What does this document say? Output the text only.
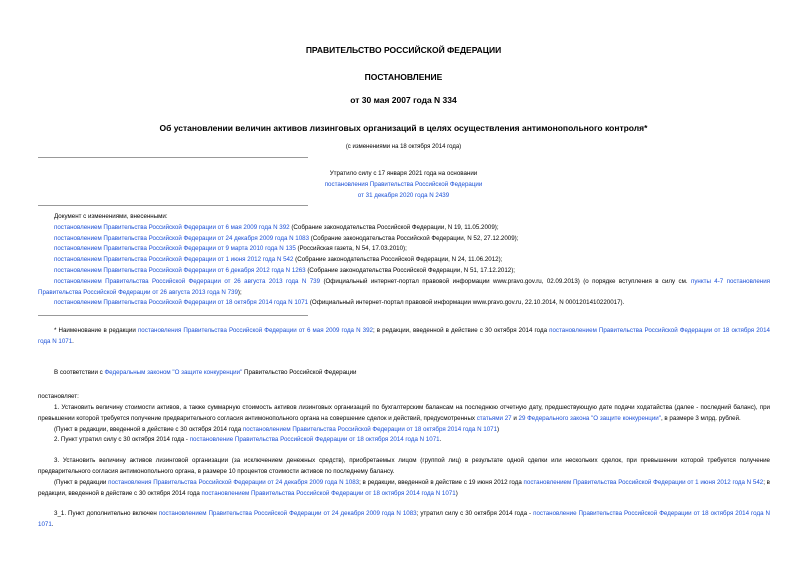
ПРАВИТЕЛЬСТВО РОССИЙСКОЙ ФЕДЕРАЦИИ
ПОСТАНОВЛЕНИЕ
от 30 мая 2007 года N 334
Об установлении величин активов лизинговых организаций в целях осуществления антимонопольного контроля*
(с изменениями на 18 октября 2014 года)
Утратило силу с 17 января 2021 года на основании
постановления Правительства Российской Федерации
от 31 декабря 2020 года N 2439

Документ с изменениями, внесенными:

постановлением Правительства Российской Федерации от 6 мая 2009 года N 392 (Собрание законодательства Российской Федерации, N 19, 11.05.2009);

постановлением Правительства Российской Федерации от 24 декабря 2009 года N 1083 (Собрание законодательства Российской Федерации, N 52, 27.12.2009);

постановлением Правительства Российской Федерации от 9 марта 2010 года N 135 (Российская газета, N 54, 17.03.2010);

постановлением Правительства Российской Федерации от 1 июня 2012 года N 542 (Собрание законодательства Российской Федерации, N 24, 11.06.2012);

постановлением Правительства Российской Федерации от 6 декабря 2012 года N 1263 (Собрание законодательства Российской Федерации, N 51, 17.12.2012);

постановлением Правительства Российской Федерации от 26 августа 2013 года N 739 (Официальный интернет-портал правовой информации www.pravo.gov.ru, 02.09.2013) (о порядке вступления в силу см. пункты 4-7 постановления Правительства Российской Федерации от 26 августа 2013 года N 739);

постановлением Правительства Российской Федерации от 18 октября 2014 года N 1071 (Официальный интернет-портал правовой информации www.pravo.gov.ru, 22.10.2014, N 0001201410220017).

* Наименование в редакции постановления Правительства Российской Федерации от 6 мая 2009 года N 392; в редакции, введенной в действие с 30 октября 2014 года постановлением Правительства Российской Федерации от 18 октября 2014 года N 1071.

В соответствии с Федеральным законом "О защите конкуренции" Правительство Российской Федерации

постановляет:

1. Установить величину стоимости активов, а также суммарную стоимость активов лизинговых организаций по бухгалтерским балансам на последнюю отчетную дату, предшествующую дате подачи ходатайства (далее - последний баланс), при превышении которой требуется получение предварительного согласия антимонопольного органа на совершение сделок и действий, предусмотренных статьями 27 и 29 Федерального закона "О защите конкуренции", в размере 3 млрд. рублей.

(Пункт в редакции, введенной в действие с 30 октября 2014 года постановлением Правительства Российской Федерации от 18 октября 2014 года N 1071)

2. Пункт утратил силу с 30 октября 2014 года - постановление Правительства Российской Федерации от 18 октября 2014 года N 1071.

3. Установить величину активов лизинговой организации (за исключением денежных средств), приобретаемых лицом (группой лиц) в результате одной сделки или нескольких сделок, при превышении которой требуется получение предварительного согласия антимонопольного органа, в размере 10 процентов стоимости активов по последнему балансу.

(Пункт в редакции постановления Правительства Российской Федерации от 24 декабря 2009 года N 1083; в редакции, введенной в действие с 19 июня 2012 года постановлением Правительства Российской Федерации от 1 июня 2012 года N 542; в редакции, введенной в действие с 30 октября 2014 года постановлением Правительства Российской Федерации от 18 октября 2014 года N 1071)

3_1. Пункт дополнительно включен постановлением Правительства Российской Федерации от 24 декабря 2009 года N 1083; утратил силу с 30 октября 2014 года - постановление Правительства Российской Федерации от 18 октября 2014 года N 1071.
